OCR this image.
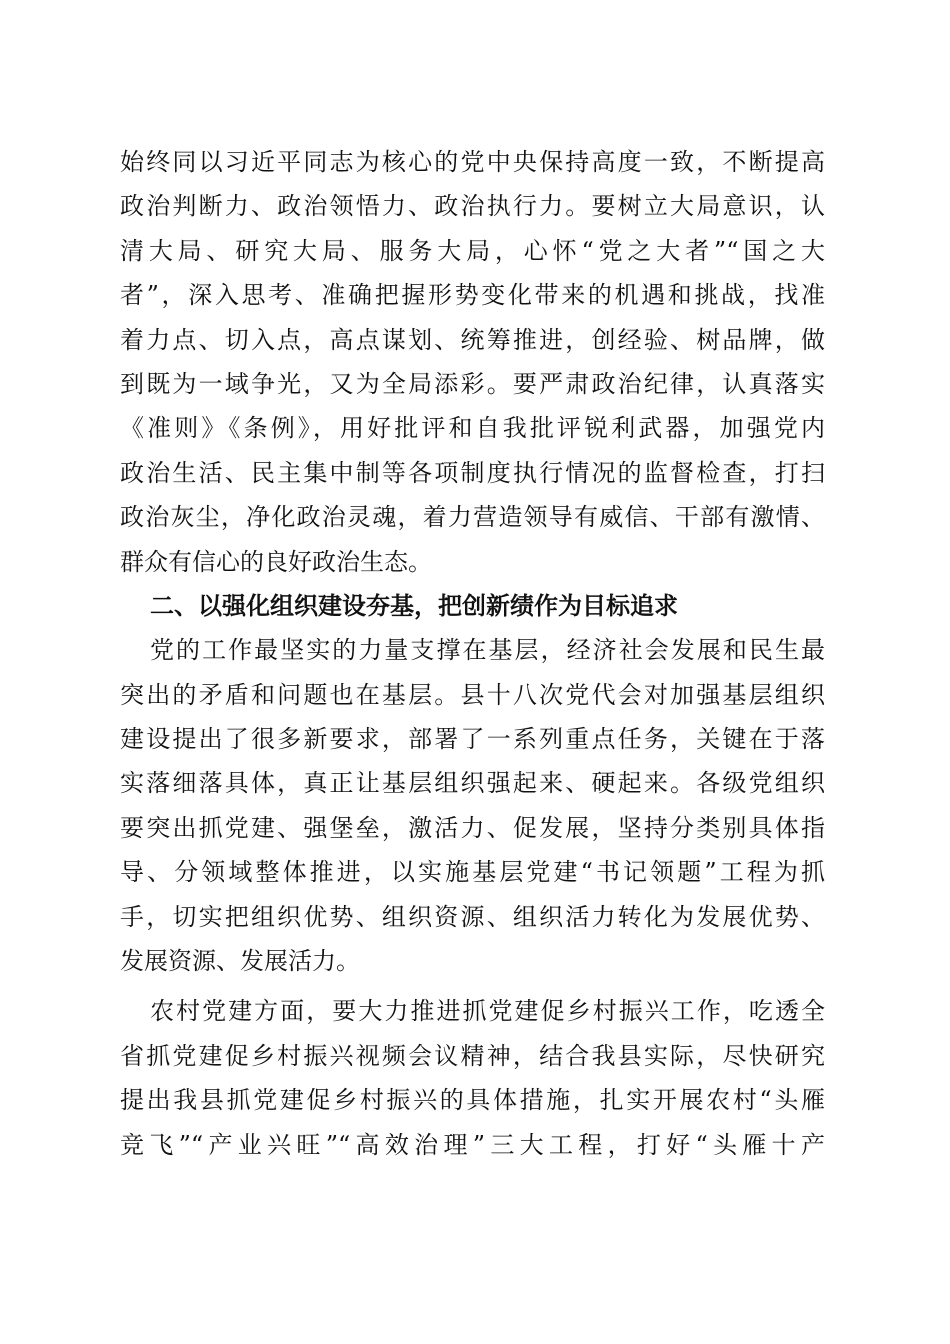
始终同以习近平同志为核心的党中央保持高度一致，不断提高
政治判断力、政治领悟力、政治执行力。要树立大局意识，认
清大局、研究大局、服务大局，心怀“党之大者”“国之大
者”，深入思考、准确把握形势变化带来的机遇和挑战，找准
着力点、切入点，高点谋划、统筹推进，创经验、树品牌，做
到既为一域争光，又为全局添彩。要严肃政治纪律，认真落实
《准则》《条例》，用好批评和自我批评锐利武器，加强党内
政治生活、民主集中制等各项制度执行情况的监督检查，打扫
政治灰尘，净化政治灵魂，着力营造领导有威信、干部有激情、
群众有信心的良好政治生态。
二、以强化组织建设夯基，把创新绩作为目标追求
党的工作最坚实的力量支撑在基层，经济社会发展和民生最
突出的矛盾和问题也在基层。县十八次党代会对加强基层组织
建设提出了很多新要求，部署了一系列重点任务，关键在于落
实落细落具体，真正让基层组织强起来、硬起来。各级党组织
要突出抓党建、强堡垒，激活力、促发展，坚持分类别具体指
导、分领域整体推进，以实施基层党建“书记领题”工程为抓
手，切实把组织优势、组织资源、组织活力转化为发展优势、
发展资源、发展活力。
农村党建方面，要大力推进抓党建促乡村振兴工作，吃透全
省抓党建促乡村振兴视频会议精神，结合我县实际，尽快研究
提出我县抓党建促乡村振兴的具体措施，扎实开展农村“头雁
竞飞”“产业兴旺”“高效治理”三大工程，打好“头雁十产
